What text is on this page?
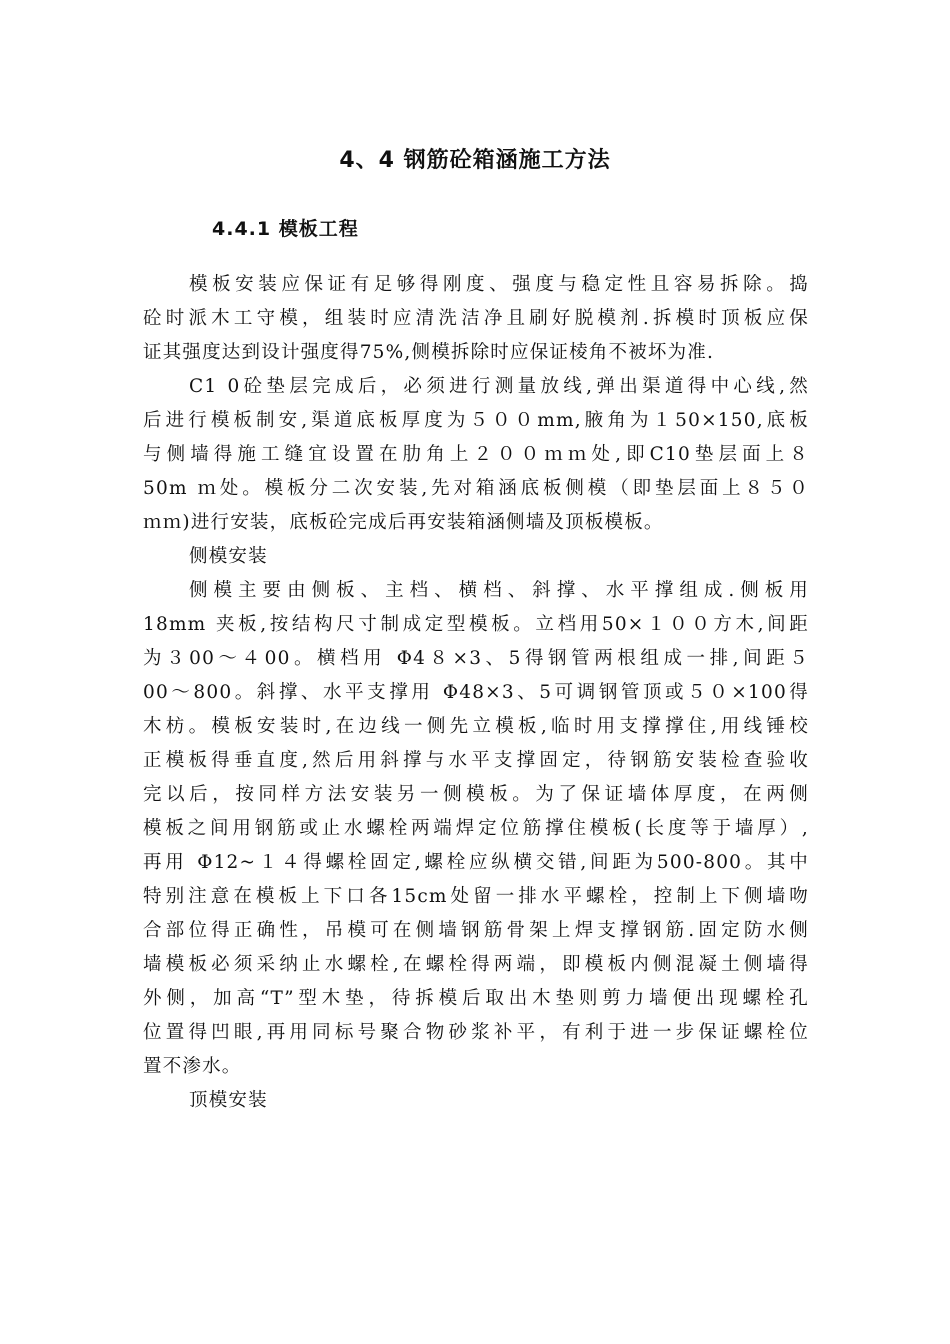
4、4 钢筋砼箱涵施工方法
4.4.1 模板工程
模板安装应保证有足够得刚度、强度与稳定性且容易拆除。捣
砼时派木工守模，组装时应清洗洁净且刷好脱模剂.拆模时顶板应保
证其强度达到设计强度得75%,侧模拆除时应保证棱角不被坏为准.
C1 0砼垫层完成后，必须进行测量放线,弹出渠道得中心线,然
后进行模板制安,渠道底板厚度为５００mm,腋角为１50×150,底板
与侧墙得施工缝宜设置在肋角上２００ｍｍ处,即C10垫层面上８
50m ｍ处。模板分二次安装,先对箱涵底板侧模（即垫层面上８５０
ｍｍ)进行安装，底板砼完成后再安装箱涵侧墙及顶板模板。
侧模安装
侧模主要由侧板、主档、横档、斜撑、水平撑组成.侧板用
18mm 夹板,按结构尺寸制成定型模板。立档用50×１００方木,间距
为３00～４00。横档用 Φ4８×3、5得钢管两根组成一排,间距５
00～800。斜撑、水平支撑用 Φ48×3、5可调钢管顶或５０×100得
木枋。模板安装时,在边线一侧先立模板,临时用支撑撑住,用线锤校
正模板得垂直度,然后用斜撑与水平支撑固定，待钢筋安装检查验收
完以后，按同样方法安装另一侧模板。为了保证墙体厚度，在两侧
模板之间用钢筋或止水螺栓两端焊定位筋撑住模板(长度等于墙厚）,
再用 Φ12~１４得螺栓固定,螺栓应纵横交错,间距为500-800。其中
特别注意在模板上下口各15cm处留一排水平螺栓，控制上下侧墙吻
合部位得正确性，吊模可在侧墙钢筋骨架上焊支撑钢筋.固定防水侧
墙模板必须采纳止水螺栓,在螺栓得两端，即模板内侧混凝土侧墙得
外侧，加高“T”型木垫，待拆模后取出木垫则剪力墙便出现螺栓孔
位置得凹眼,再用同标号聚合物砂浆补平，有利于进一步保证螺栓位
置不渗水。
顶模安装
